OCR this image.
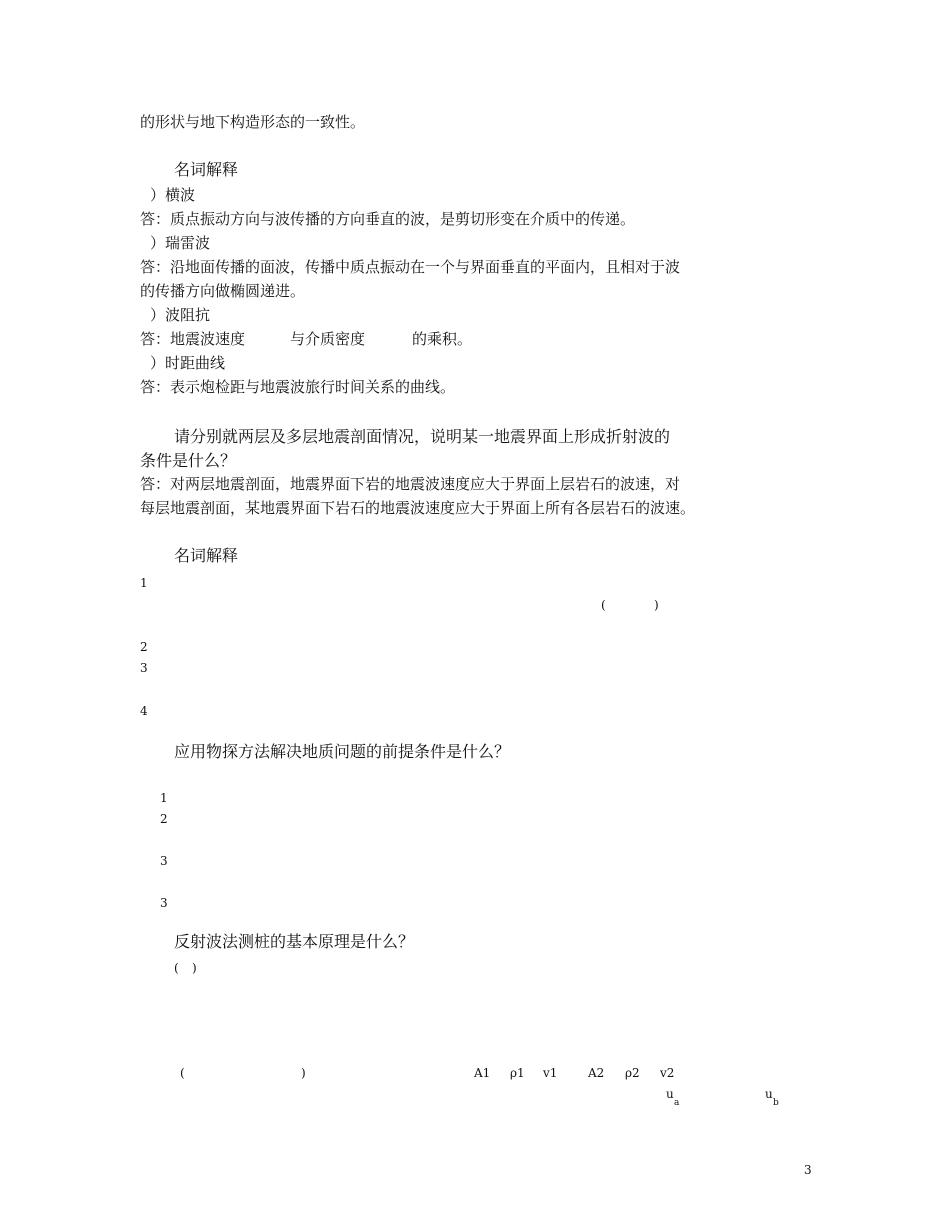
的形状与地下构造形态的一致性。
名词解释
）横波
答：质点振动方向与波传播的方向垂直的波，是剪切形变在介质中的传递。
）瑞雷波
答：沿地面传播的面波，传播中质点振动在一个与界面垂直的平面内，且相对于波
的传播方向做椭圆递进。
）波阻抗
答：地震波速度	与介质密度	的乘积。
）时距曲线
答：表示炮检距与地震波旅行时间关系的曲线。
请分别就两层及多层地震剖面情况，说明某一地震界面上形成折射波的
条件是什么？
答：对两层地震剖面，地震界面下岩的地震波速度应大于界面上层岩石的波速，对
每层地震剖面，某地震界面下岩石的地震波速度应大于界面上所有各层岩石的波速。
名词解释
1
(	)
2
3
4
应用物探方法解决地质问题的前提条件是什么？
1
2
3
3
反射波法测桩的基本原理是什么？
( )
(	)	A1 ρ1 v1	A2 ρ2 v2
u
a
u
b
3
